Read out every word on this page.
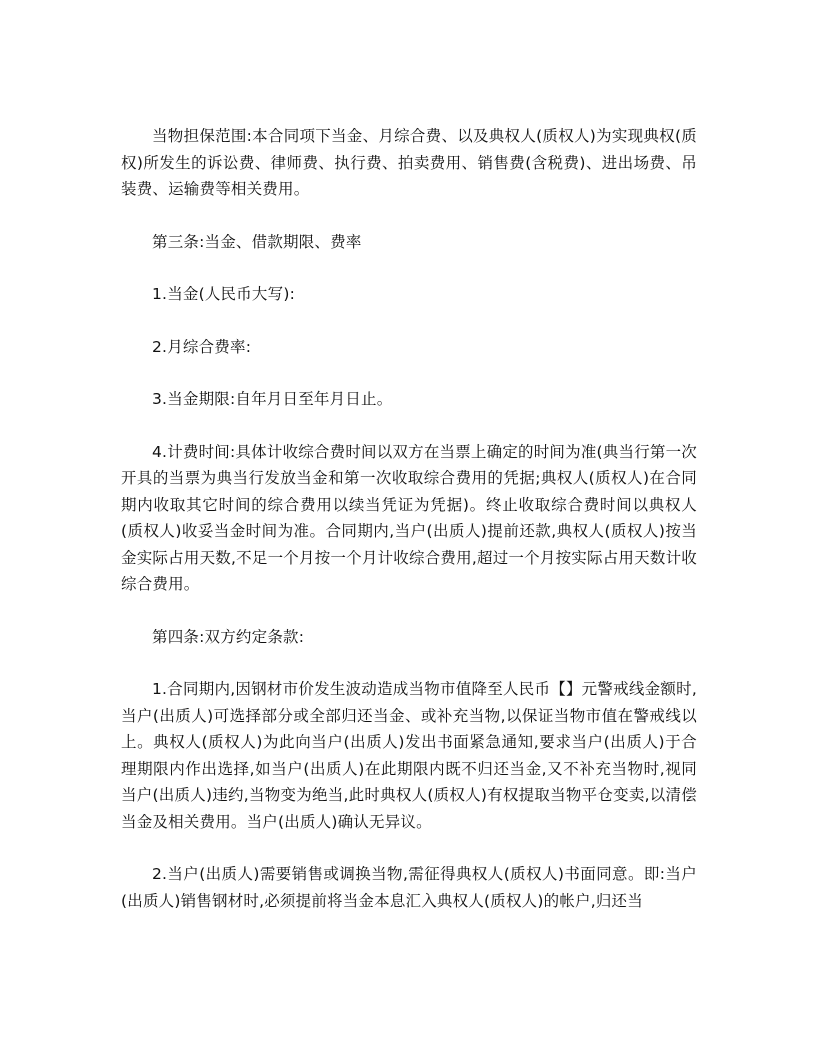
当物担保范围:本合同项下当金、月综合费、以及典权人(质权人)为实现典权(质权)所发生的诉讼费、律师费、执行费、拍卖费用、销售费(含税费)、进出场费、吊装费、运输费等相关费用。

第三条:当金、借款期限、费率

1.当金(人民币大写):

2.月综合费率:

3.当金期限:自年月日至年月日止。

4.计费时间:具体计收综合费时间以双方在当票上确定的时间为准(典当行第一次开具的当票为典当行发放当金和第一次收取综合费用的凭据;典权人(质权人)在合同期内收取其它时间的综合费用以续当凭证为凭据)。终止收取综合费时间以典权人(质权人)收妥当金时间为准。合同期内,当户(出质人)提前还款,典权人(质权人)按当金实际占用天数,不足一个月按一个月计收综合费用,超过一个月按实际占用天数计收综合费用。

第四条:双方约定条款:

1.合同期内,因钢材市价发生波动造成当物市值降至人民币【】元警戒线金额时,当户(出质人)可选择部分或全部归还当金、或补充当物,以保证当物市值在警戒线以上。典权人(质权人)为此向当户(出质人)发出书面紧急通知,要求当户(出质人)于合理期限内作出选择,如当户(出质人)在此期限内既不归还当金,又不补充当物时,视同当户(出质人)违约,当物变为绝当,此时典权人(质权人)有权提取当物平仓变卖,以清偿当金及相关费用。当户(出质人)确认无异议。

2.当户(出质人)需要销售或调换当物,需征得典权人(质权人)书面同意。即:当户(出质人)销售钢材时,必须提前将当金本息汇入典权人(质权人)的帐户,归还当
